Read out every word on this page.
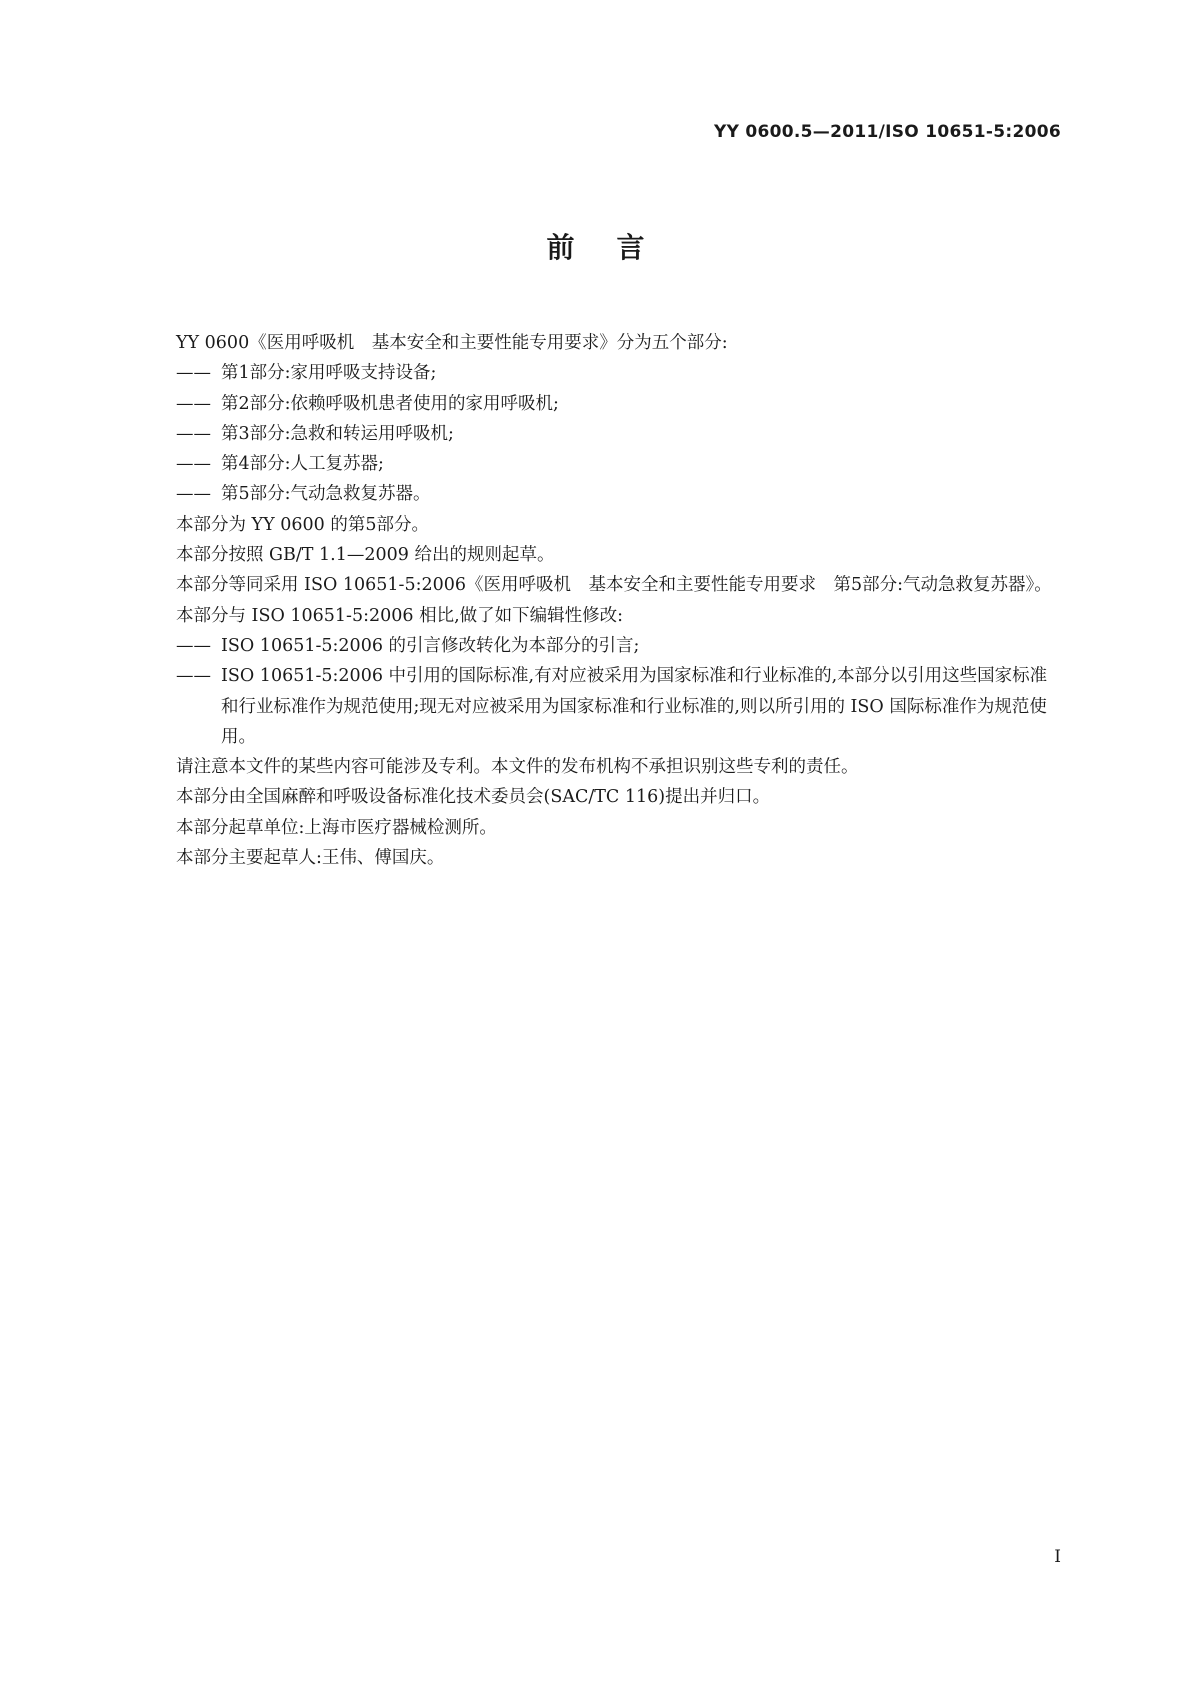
YY 0600.5—2011/ISO 10651-5:2006
前言

YY 0600《医用呼吸机　基本安全和主要性能专用要求》分为五个部分:

—— 第1部分:家用呼吸支持设备;
—— 第2部分:依赖呼吸机患者使用的家用呼吸机;
—— 第3部分:急救和转运用呼吸机;
—— 第4部分:人工复苏器;
—— 第5部分:气动急救复苏器。

本部分为 YY 0600 的第5部分。

本部分按照 GB/T 1.1—2009 给出的规则起草。

本部分等同采用 ISO 10651-5:2006《医用呼吸机　基本安全和主要性能专用要求　第5部分:气动急救复苏器》。

本部分与 ISO 10651-5:2006 相比,做了如下编辑性修改:

—— ISO 10651-5:2006 的引言修改转化为本部分的引言;
—— ISO 10651-5:2006 中引用的国际标准,有对应被采用为国家标准和行业标准的,本部分以引用这些国家标准和行业标准作为规范使用;现无对应被采用为国家标准和行业标准的,则以所引用的 ISO 国际标准作为规范使用。

请注意本文件的某些内容可能涉及专利。本文件的发布机构不承担识别这些专利的责任。

本部分由全国麻醉和呼吸设备标准化技术委员会(SAC/TC 116)提出并归口。

本部分起草单位:上海市医疗器械检测所。

本部分主要起草人:王伟、傅国庆。

I
